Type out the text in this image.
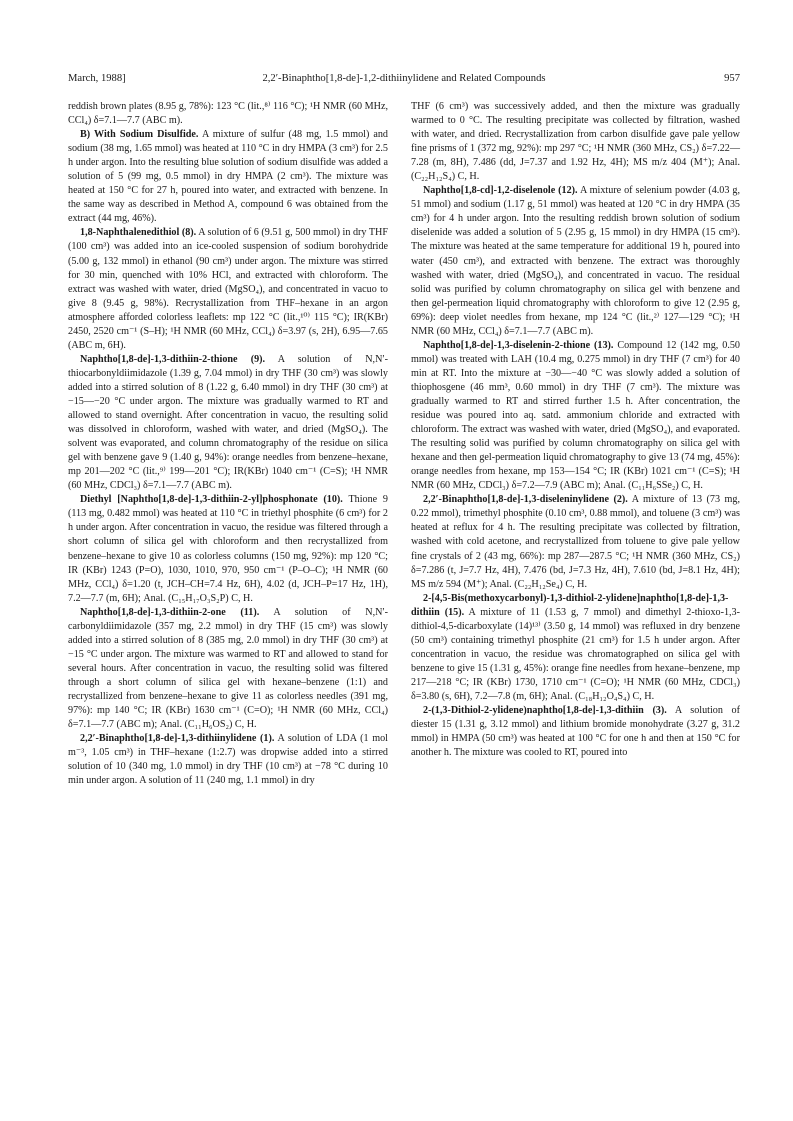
March, 1988]	2,2′-Binaphtho[1,8-de]-1,2-dithiinylidene and Related Compounds	957

reddish brown plates (8.95 g, 78%): 123 °C (lit.,⁸⁾ 116 °C); ¹H NMR (60 MHz, CCl₄) δ=7.1—7.7 (ABC m).

B) With Sodium Disulfide. A mixture of sulfur (48 mg, 1.5 mmol) and sodium (38 mg, 1.65 mmol) was heated at 110 °C in dry HMPA (3 cm³) for 2.5 h under argon. Into the resulting blue solution of sodium disulfide was added a solution of 5 (99 mg, 0.5 mmol) in dry HMPA (2 cm³). The mixture was heated at 150 °C for 27 h, poured into water, and extracted with benzene. In the same way as described in Method A, compound 6 was obtained from the extract (44 mg, 46%).

1,8-Naphthalenedithiol (8). A solution of 6 (9.51 g, 500 mmol) in dry THF (100 cm³) was added into an ice-cooled suspension of sodium borohydride (5.00 g, 132 mmol) in ethanol (90 cm³) under argon. The mixture was stirred for 30 min, quenched with 10% HCl, and extracted with chloroform. The extract was washed with water, dried (MgSO₄), and concentrated in vacuo to give 8 (9.45 g, 98%). Recrystallization from THF–hexane in an argon atmosphere afforded colorless leaflets: mp 122 °C (lit.,¹⁰⁾ 115 °C); IR(KBr) 2450, 2520 cm⁻¹ (S–H); ¹H NMR (60 MHz, CCl₄) δ=3.97 (s, 2H), 6.95—7.65 (ABC m, 6H).

Naphtho[1,8-de]-1,3-dithiin-2-thione (9). A solution of N,N′-thiocarbonyldiimidazole (1.39 g, 7.04 mmol) in dry THF (30 cm³) was slowly added into a stirred solution of 8 (1.22 g, 6.40 mmol) in dry THF (30 cm³) at −15—−20 °C under argon. The mixture was gradually warmed to RT and allowed to stand overnight. After concentration in vacuo, the resulting solid was dissolved in chloroform, washed with water, and dried (MgSO₄). The solvent was evaporated, and column chromatography of the residue on silica gel with benzene gave 9 (1.40 g, 94%): orange needles from benzene–hexane, mp 201—202 °C (lit.,⁹⁾ 199—201 °C); IR(KBr) 1040 cm⁻¹ (C=S); ¹H NMR (60 MHz, CDCl₃) δ=7.1—7.7 (ABC m).

Diethyl [Naphtho[1,8-de]-1,3-dithiin-2-yl]phosphonate (10). Thione 9 (113 mg, 0.482 mmol) was heated at 110 °C in triethyl phosphite (6 cm³) for 2 h under argon. After concentration in vacuo, the residue was filtered through a short column of silica gel with chloroform and then recrystallized from benzene–hexane to give 10 as colorless columns (150 mg, 92%): mp 120 °C; IR (KBr) 1243 (P=O), 1030, 1010, 970, 950 cm⁻¹ (P–O–C); ¹H NMR (60 MHz, CCl₄) δ=1.20 (t, JCH–CH=7.4 Hz, 6H), 4.02 (d, JCH–P=17 Hz, 1H), 7.2—7.7 (m, 6H); Anal. (C₁₅H₁₇O₃S₂P) C, H.

Naphtho[1,8-de]-1,3-dithiin-2-one (11). A solution of N,N′-carbonyldiimidazole (357 mg, 2.2 mmol) in dry THF (15 cm³) was slowly added into a stirred solution of 8 (385 mg, 2.0 mmol) in dry THF (30 cm³) at −15 °C under argon. The mixture was warmed to RT and allowed to stand for several hours. After concentration in vacuo, the resulting solid was filtered through a short column of silica gel with hexane–benzene (1:1) and recrystallized from benzene–hexane to give 11 as colorless needles (391 mg, 97%): mp 140 °C; IR (KBr) 1630 cm⁻¹ (C=O); ¹H NMR (60 MHz, CCl₄) δ=7.1—7.7 (ABC m); Anal. (C₁₁H₆OS₂) C, H.

2,2′-Binaphtho[1,8-de]-1,3-dithiinylidene (1). A solution of LDA (1 mol m⁻³, 1.05 cm³) in THF–hexane (1:2.7) was dropwise added into a stirred solution of 10 (340 mg, 1.0 mmol) in dry THF (10 cm³) at −78 °C during 10 min under argon. A solution of 11 (240 mg, 1.1 mmol) in dry

THF (6 cm³) was successively added, and then the mixture was gradually warmed to 0 °C. The resulting precipitate was collected by filtration, washed with water, and dried. Recrystallization from carbon disulfide gave pale yellow fine prisms of 1 (372 mg, 92%): mp 297 °C; ¹H NMR (360 MHz, CS₂) δ=7.22—7.28 (m, 8H), 7.486 (dd, J=7.37 and 1.92 Hz, 4H); MS m/z 404 (M⁺); Anal. (C₂₂H₁₂S₄) C, H.

Naphtho[1,8-cd]-1,2-diselenole (12). A mixture of selenium powder (4.03 g, 51 mmol) and sodium (1.17 g, 51 mmol) was heated at 120 °C in dry HMPA (35 cm³) for 4 h under argon. Into the resulting reddish brown solution of sodium diselenide was added a solution of 5 (2.95 g, 15 mmol) in dry HMPA (15 cm³). The mixture was heated at the same temperature for additional 19 h, poured into water (450 cm³), and extracted with benzene. The extract was thoroughly washed with water, dried (MgSO₄), and concentrated in vacuo. The residual solid was purified by column chromatography on silica gel with benzene and then gel-permeation liquid chromatography with chloroform to give 12 (2.95 g, 69%): deep violet needles from hexane, mp 124 °C (lit.,²⁾ 127—129 °C); ¹H NMR (60 MHz, CCl₄) δ=7.1—7.7 (ABC m).

Naphtho[1,8-de]-1,3-diselenin-2-thione (13). Compound 12 (142 mg, 0.50 mmol) was treated with LAH (10.4 mg, 0.275 mmol) in dry THF (7 cm³) for 40 min at RT. Into the mixture at −30—−40 °C was slowly added a solution of thiophosgene (46 mm³, 0.60 mmol) in dry THF (7 cm³). The mixture was gradually warmed to RT and stirred further 1.5 h. After concentration, the residue was poured into aq. satd. ammonium chloride and extracted with chloroform. The extract was washed with water, dried (MgSO₄), and evaporated. The resulting solid was purified by column chromatography on silica gel with hexane and then gel-permeation liquid chromatography to give 13 (74 mg, 45%): orange needles from hexane, mp 153—154 °C; IR (KBr) 1021 cm⁻¹ (C=S); ¹H NMR (60 MHz, CDCl₃) δ=7.2—7.9 (ABC m); Anal. (C₁₁H₆SSe₂) C, H.

2,2′-Binaphtho[1,8-de]-1,3-diseleninylidene (2). A mixture of 13 (73 mg, 0.22 mmol), trimethyl phosphite (0.10 cm³, 0.88 mmol), and toluene (3 cm³) was heated at reflux for 4 h. The resulting precipitate was collected by filtration, washed with cold acetone, and recrystallized from toluene to give pale yellow fine crystals of 2 (43 mg, 66%): mp 287—287.5 °C; ¹H NMR (360 MHz, CS₂) δ=7.286 (t, J=7.7 Hz, 4H), 7.476 (bd, J=7.3 Hz, 4H), 7.610 (bd, J=8.1 Hz, 4H); MS m/z 594 (M⁺); Anal. (C₂₂H₁₂Se₄) C, H.

2-[4,5-Bis(methoxycarbonyl)-1,3-dithiol-2-ylidene]naphtho[1,8-de]-1,3-dithiin (15). A mixture of 11 (1.53 g, 7 mmol) and dimethyl 2-thioxo-1,3-dithiol-4,5-dicarboxylate (14)¹³⁾ (3.50 g, 14 mmol) was refluxed in dry benzene (50 cm³) containing trimethyl phosphite (21 cm³) for 1.5 h under argon. After concentration in vacuo, the residue was chromatographed on silica gel with benzene to give 15 (1.31 g, 45%): orange fine needles from hexane–benzene, mp 217—218 °C; IR (KBr) 1730, 1710 cm⁻¹ (C=O); ¹H NMR (60 MHz, CDCl₃) δ=3.80 (s, 6H), 7.2—7.8 (m, 6H); Anal. (C₁₈H₁₂O₄S₄) C, H.

2-(1,3-Dithiol-2-ylidene)naphtho[1,8-de]-1,3-dithiin (3). A solution of diester 15 (1.31 g, 3.12 mmol) and lithium bromide monohydrate (3.27 g, 31.2 mmol) in HMPA (50 cm³) was heated at 100 °C for one h and then at 150 °C for another h. The mixture was cooled to RT, poured into
